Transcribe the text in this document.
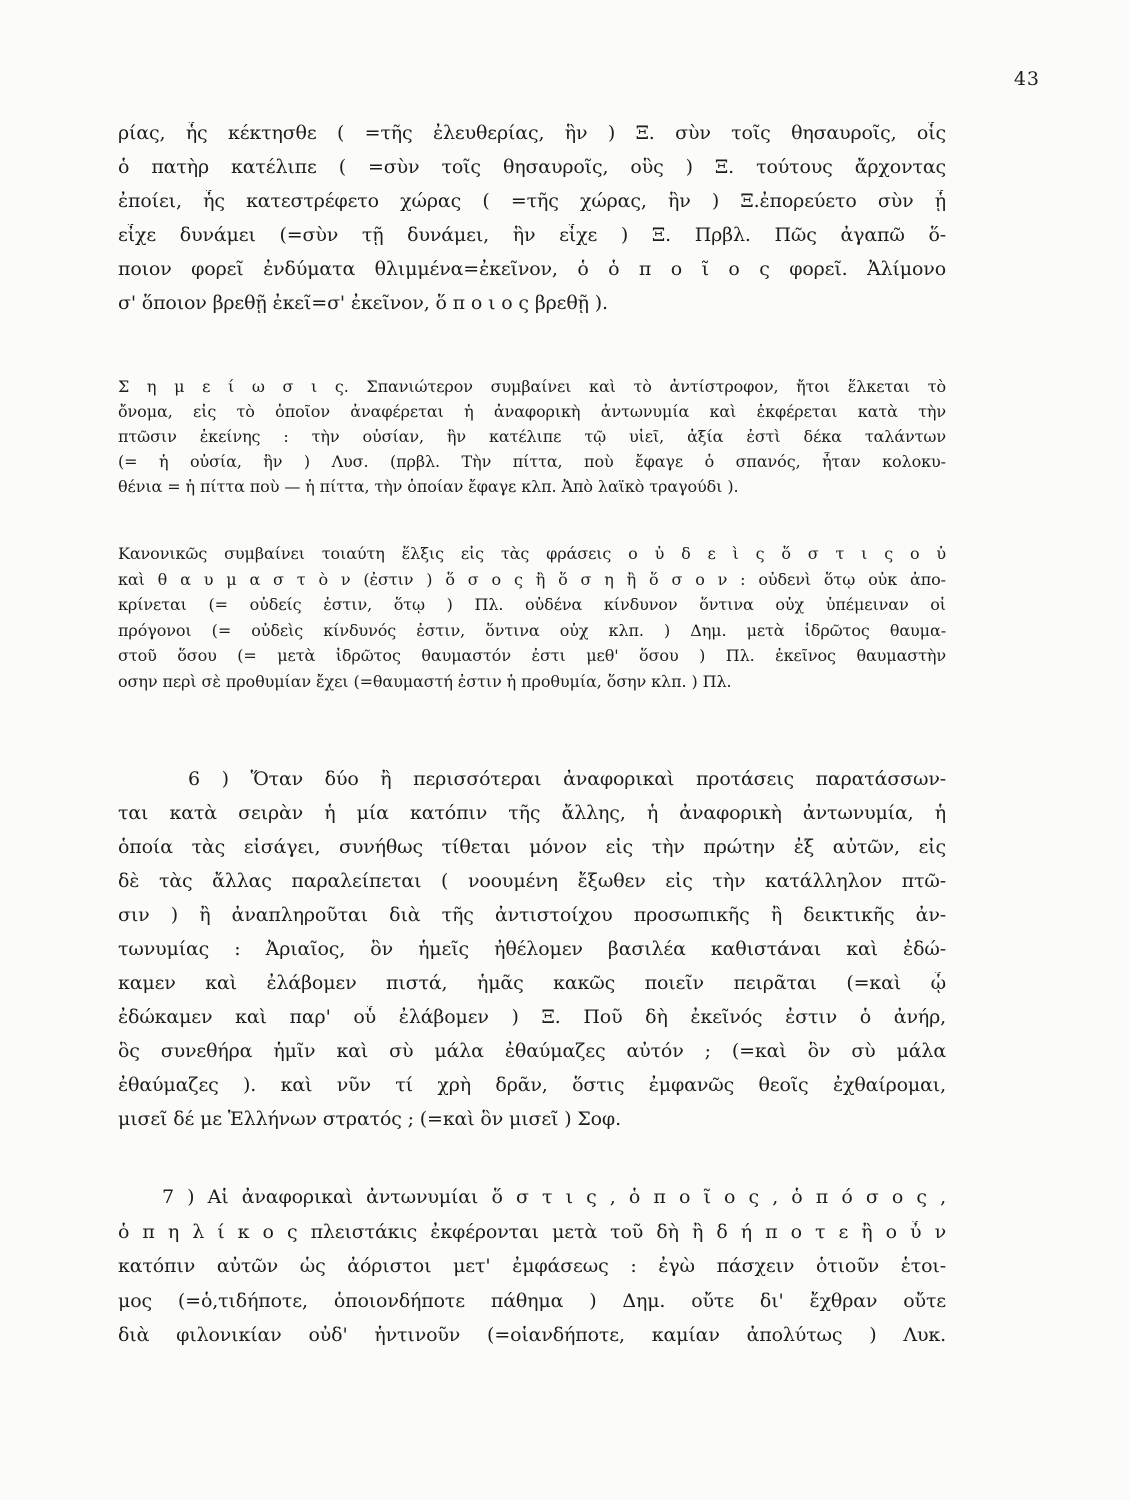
43
ρίας, ἧς κέκτησθε ( =τῆς ἐλευθερίας, ἣν ) Ξ. σὺν τοῖς θησαυροῖς, οἷς
ὁ πατὴρ κατέλιπε ( =σὺν τοῖς θησαυροῖς, οὓς ) Ξ. τούτους ἄρχοντας
ἐποίει, ἧς κατεστρέφετο χώρας ( =τῆς χώρας, ἣν ) Ξ.ἐπορεύετο σὺν ᾗ
εἶχε δυνάμει (=σὺν τῇ δυνάμει, ἣν εἶχε ) Ξ. Πρβλ. Πῶς ἀγαπῶ ὅ-
ποιον φορεῖ ἐνδύματα θλιμμένα=ἐκεῖνον, ὁ ὁ π ο ῖ ο ς φορεῖ. Ἀλίμονο
σ' ὅποιον βρεθῇ ἐκεῖ=σ' ἐκεῖνον, ὅ π ο ι ο ς βρεθῇ ).
Σ η μ ε ί ω σ ι ς. Σπανιώτερον συμβαίνει καὶ τὸ ἀντίστροφον, ἤτοι ἕλκεται τὸ
ὄνομα, εἰς τὸ ὁποῖον ἀναφέρεται ἡ ἀναφορικὴ ἀντωνυμία καὶ ἐκφέρεται κατὰ τὴν
πτῶσιν ἐκείνης : τὴν οὐσίαν, ἣν κατέλιπε τῷ υἱεῖ, ἀξία ἐστὶ δέκα ταλάντων
(= ἡ οὐσία, ἣν ) Λυσ. (πρβλ. Τὴν πίττα, ποὺ ἔφαγε ὁ σπανός, ἦταν κολοκυ-
θένια = ἡ πίττα ποὺ — ἡ πίττα, τὴν ὁποίαν ἔφαγε κλπ. Ἀπὸ λαϊκὸ τραγούδι ).
Κανονικῶς συμβαίνει τοιαύτη ἕλξις εἰς τὰς φράσεις ο ὐ δ ε ὶ ς ὅ σ τ ι ς ο ὐ
καὶ θ α υ μ α σ τ ὸ ν (ἐστιν ) ὅ σ ο ς ἢ ὅ σ η ἢ ὅ σ ο ν : οὐδενὶ ὅτῳ οὐκ ἀπο-
κρίνεται (= οὐδείς ἐστιν, ὅτῳ ) Πλ. οὐδένα κίνδυνον ὅντινα οὐχ ὑπέμειναν οἱ
πρόγονοι (= οὐδεὶς κίνδυνός ἐστιν, ὅντινα οὐχ κλπ. ) Δημ. μετὰ ἱδρῶτος θαυμα-
στοῦ ὅσου (= μετὰ ἱδρῶτος θαυμαστόν ἐστι μεθ' ὅσου ) Πλ. ἐκεῖνος θαυμαστὴν
οσην περὶ σὲ προθυμίαν ἔχει (=θαυμαστή ἐστιν ἡ προθυμία, ὅσην κλπ. ) Πλ.
6 ) Ὅταν δύο ἢ περισσότεραι ἀναφορικαὶ προτάσεις παρατάσσων-
ται κατὰ σειρὰν ἡ μία κατόπιν τῆς ἄλλης, ἡ ἀναφορικὴ ἀντωνυμία, ἡ
ὁποία τὰς εἰσάγει, συνήθως τίθεται μόνον εἰς τὴν πρώτην ἐξ αὐτῶν, εἰς
δὲ τὰς ἄλλας παραλείπεται ( νοουμένη ἔξωθεν εἰς τὴν κατάλληλον πτῶ-
σιν ) ἢ ἀναπληροῦται διὰ τῆς ἀντιστοίχου προσωπικῆς ἢ δεικτικῆς ἀν-
τωνυμίας : Ἀριαῖος, ὃν ἡμεῖς ἠθέλομεν βασιλέα καθιστάναι καὶ ἐδώ-
καμεν καὶ ἐλάβομεν πιστά, ἡμᾶς κακῶς ποιεῖν πειρᾶται (=καὶ ᾧ
ἐδώκαμεν καὶ παρ' οὗ ἐλάβομεν ) Ξ. Ποῦ δὴ ἐκεῖνός ἐστιν ὁ ἀνήρ,
ὃς συνεθήρα ἡμῖν καὶ σὺ μάλα ἐθαύμαζες αὐτόν ; (=καὶ ὃν σὺ μάλα
ἐθαύμαζες ). καὶ νῦν τί χρὴ δρᾶν, ὅστις ἐμφανῶς θεοῖς ἐχθαίρομαι,
μισεῖ δέ με Ἑλλήνων στρατός ; (=καὶ ὃν μισεῖ ) Σοφ.
7 ) Αἱ ἀναφορικαὶ ἀντωνυμίαι ὅ σ τ ι ς , ὁ π ο ῖ ο ς , ὁ π ό σ ο ς ,
ὁ π η λ ί κ ο ς πλειστάκις ἐκφέρονται μετὰ τοῦ δὴ ἢ δ ή π ο τ ε ἢ ο ὖ ν
κατόπιν αὐτῶν ὡς ἀόριστοι μετ' ἐμφάσεως : ἐγὼ πάσχειν ὁτιοῦν ἑτοι-
μος (=ὁ,τιδήποτε, ὁποιονδήποτε πάθημα ) Δημ. οὔτε δι' ἔχθραν οὔτε
διὰ φιλονικίαν οὐδ' ἡντινοῦν (=οἱανδήποτε, καμίαν ἀπολύτως ) Λυκ.
